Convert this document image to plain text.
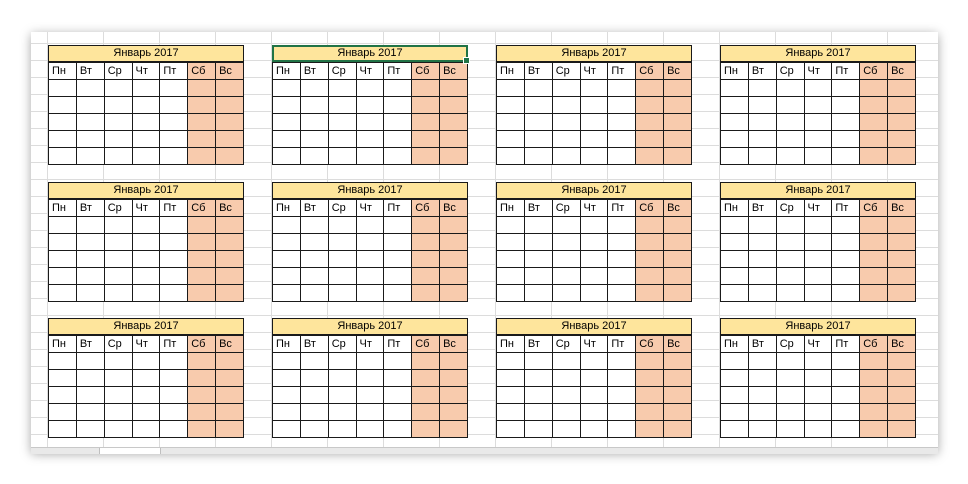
Январь 2017
Пн	Вт	Ср	Чт	Пт	Сб	Вс

Январь 2017
Пн	Вт	Ср	Чт	Пт	Сб	Вс

Январь 2017
Пн	Вт	Ср	Чт	Пт	Сб	Вс

Январь 2017
Пн	Вт	Ср	Чт	Пт	Сб	Вс

Январь 2017
Пн	Вт	Ср	Чт	Пт	Сб	Вс

Январь 2017
Пн	Вт	Ср	Чт	Пт	Сб	Вс

Январь 2017
Пн	Вт	Ср	Чт	Пт	Сб	Вс

Январь 2017
Пн	Вт	Ср	Чт	Пт	Сб	Вс

Январь 2017
Пн	Вт	Ср	Чт	Пт	Сб	Вс

Январь 2017
Пн	Вт	Ср	Чт	Пт	Сб	Вс

Январь 2017
Пн	Вт	Ср	Чт	Пт	Сб	Вс

Январь 2017
Пн	Вт	Ср	Чт	Пт	Сб	Вс
